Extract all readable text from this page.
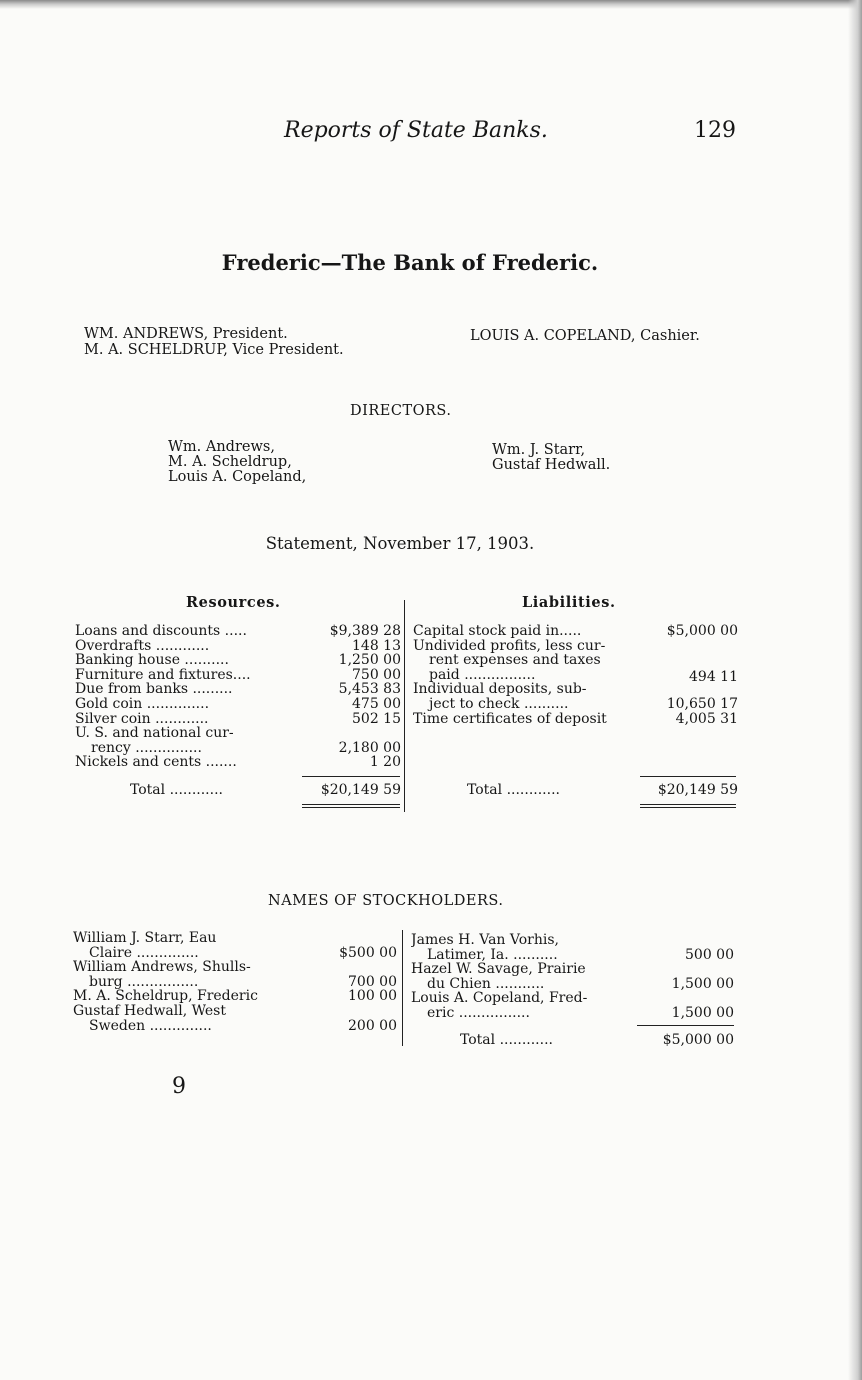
Reports of State Banks.	129
Frederic—The Bank of Frederic.
WM. ANDREWS, President.
M. A. SCHELDRUP, Vice President.
LOUIS A. COPELAND, Cashier.
DIRECTORS.
Wm. Andrews,
M. A. Scheldrup,
Louis A. Copeland,
Wm. J. Starr,
Gustaf Hedwall.
Statement, November 17, 1903.
Resources.	Liabilities.
Loans and discounts .....	$9,389 28
Overdrafts ............	148 13
Banking house ..........	1,250 00
Furniture and fixtures....	750 00
Due from banks .........	5,453 83
Gold coin ..............	475 00
Silver coin ............	502 15
U. S. and national cur-
rency ...............	2,180 00
Nickels and cents .......	1 20
Total ............	$20,149 59
Capital stock paid in.....	$5,000 00
Undivided profits, less cur-
rent expenses and taxes
paid ................	494 11
Individual deposits, sub-
ject to check ..........	10,650 17
Time certificates of deposit	4,005 31
Total ............	$20,149 59
NAMES OF STOCKHOLDERS.
William J. Starr, Eau
Claire ..............	$500 00
William Andrews, Shulls-
burg ................	700 00
M. A. Scheldrup, Frederic	100 00
Gustaf Hedwall, West
Sweden ..............	200 00
James H. Van Vorhis,
Latimer, Ia. ..........	500 00
Hazel W. Savage, Prairie
du Chien ...........	1,500 00
Louis A. Copeland, Fred-
eric ................	1,500 00
Total ............	$5,000 00
9
